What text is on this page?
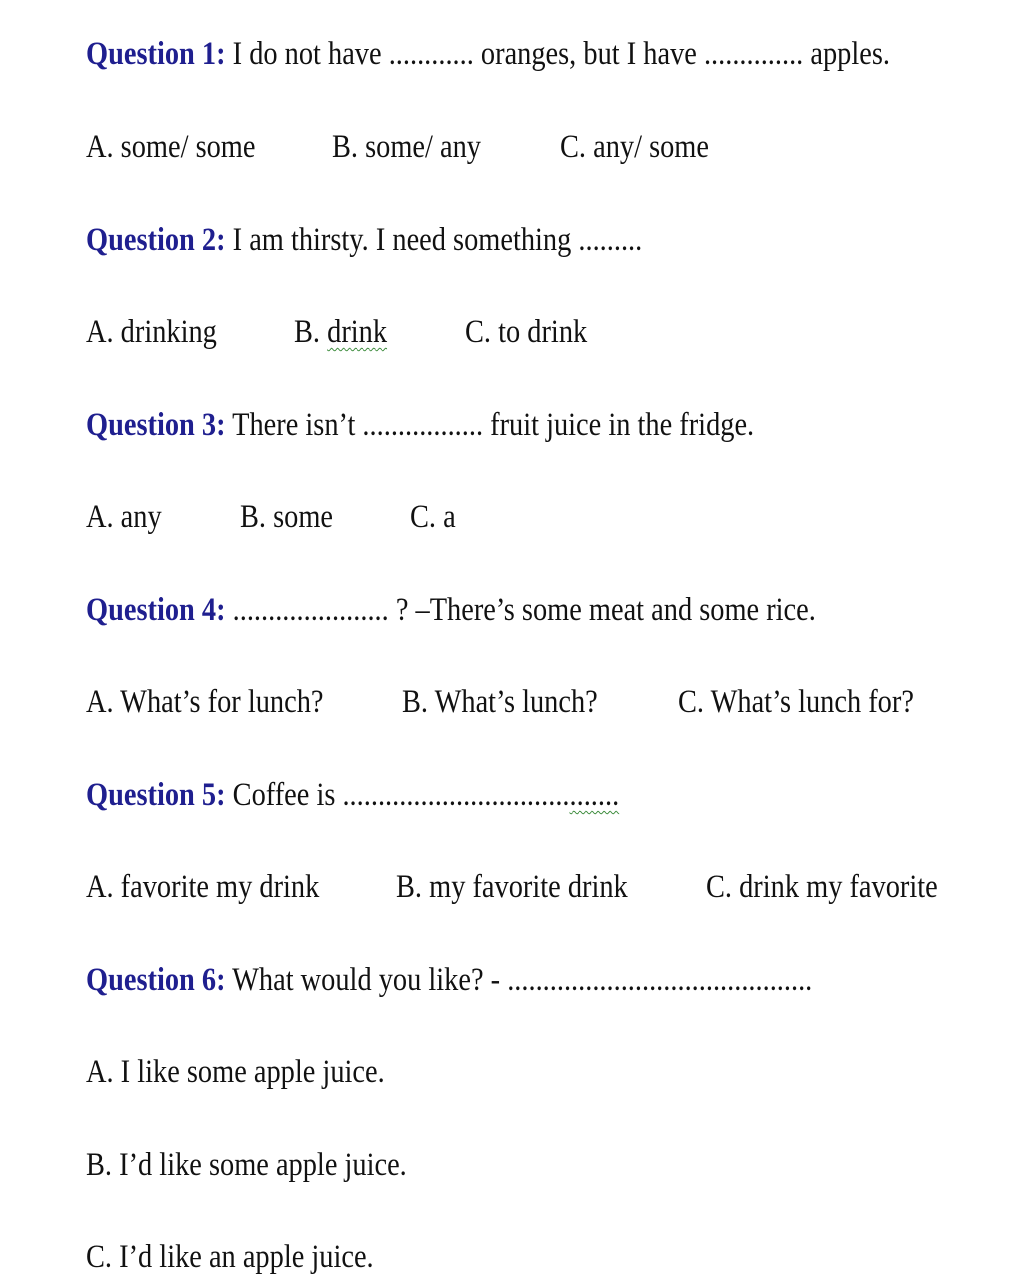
Question 1: I do not have ............ oranges, but I have .............. apples.
A. some/ some B. some/ any C. any/ some
Question 2: I am thirsty. I need something .........
A. drinking B. drink C. to drink
Question 3: There isn’t ................. fruit juice in the fridge.
A. any B. some C. a
Question 4: ...................... ? –There’s some meat and some rice.
A. What’s for lunch? B. What’s lunch? C. What’s lunch for?
Question 5: Coffee is .......................................
A. favorite my drink B. my favorite drink C. drink my favorite
Question 6: What would you like? - ...........................................
A. I like some apple juice.
B. I’d like some apple juice.
C. I’d like an apple juice.
